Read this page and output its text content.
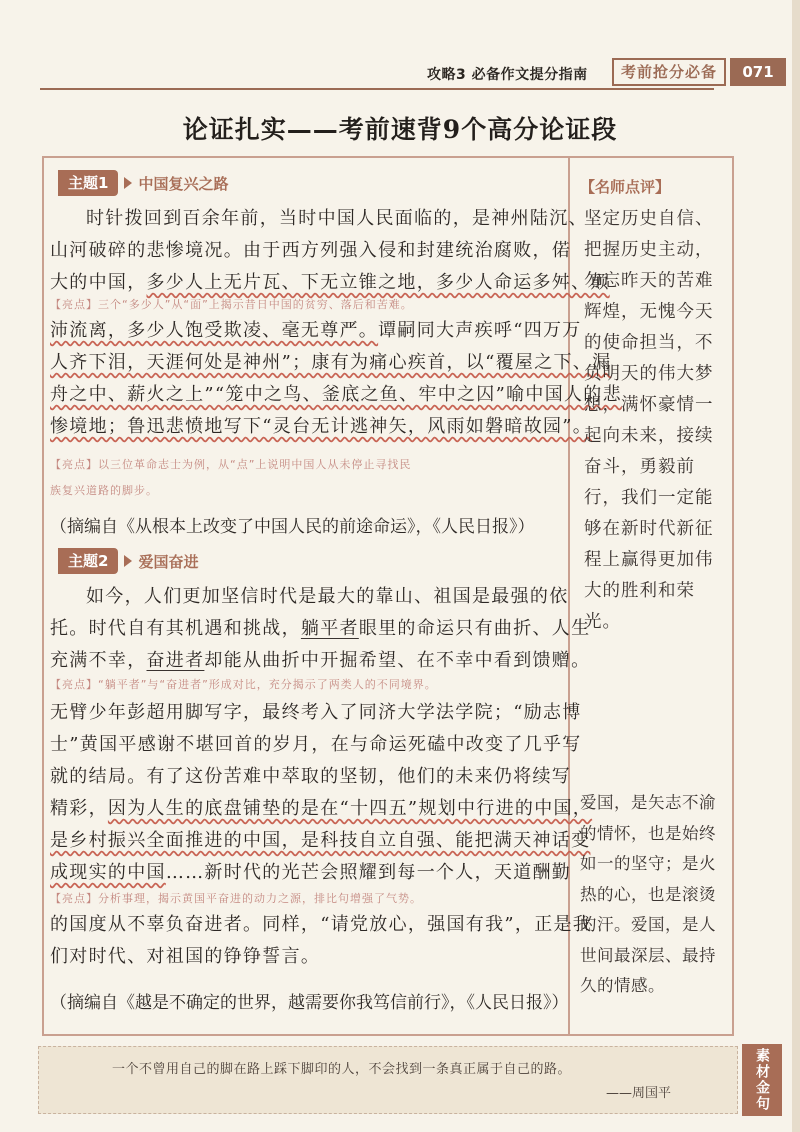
攻略3 必备作文提分指南	考前抢分必备	071
论证扎实——考前速背9个高分论证段
主题1	中国复兴之路
时针拨回到百余年前，当时中国人民面临的，是神州陆沉、
山河破碎的悲惨境况。由于西方列强入侵和封建统治腐败，偌
大的中国，多少人上无片瓦、下无立锥之地，多少人命运多舛、颠
【亮点】三个“多少人”从“面”上揭示昔日中国的贫穷、落后和苦难。
沛流离，多少人饱受欺凌、毫无尊严。谭嗣同大声疾呼“四万万
人齐下泪，天涯何处是神州”；康有为痛心疾首，以“覆屋之下、漏
舟之中、薪火之上”“笼中之鸟、釜底之鱼、牢中之囚”喻中国人的悲
惨境地；鲁迅悲愤地写下“灵台无计逃神矢，风雨如磐暗故园”。
【亮点】以三位革命志士为例，从“点”上说明中国人从未停止寻找民
族复兴道路的脚步。
（摘编自《从根本上改变了中国人民的前途命运》，《人民日报》）
主题2	爱国奋进
如今，人们更加坚信时代是最大的靠山、祖国是最强的依
托。时代自有其机遇和挑战，躺平者眼里的命运只有曲折、人生
充满不幸，奋进者却能从曲折中开掘希望、在不幸中看到馈赠。
【亮点】“躺平者”与“奋进者”形成对比，充分揭示了两类人的不同境界。
无臂少年彭超用脚写字，最终考入了同济大学法学院；“励志博
士”黄国平感谢不堪回首的岁月，在与命运死磕中改变了几乎写
就的结局。有了这份苦难中萃取的坚韧，他们的未来仍将续写
精彩，因为人生的底盘铺垫的是在“十四五”规划中行进的中国，
是乡村振兴全面推进的中国，是科技自立自强、能把满天神话变
成现实的中国……新时代的光芒会照耀到每一个人，天道酬勤
【亮点】分析事理，揭示黄国平奋进的动力之源，排比句增强了气势。
的国度从不辜负奋进者。同样，“请党放心，强国有我”，正是我
们对时代、对祖国的铮铮誓言。
（摘编自《越是不确定的世界，越需要你我笃信前行》，《人民日报》）
【名师点评】
坚定历史自信、把握历史主动，勿忘昨天的苦难辉煌，无愧今天的使命担当，不负明天的伟大梦想，满怀豪情一起向未来，接续奋斗，勇毅前行，我们一定能够在新时代新征程上赢得更加伟大的胜利和荣光。
爱国，是矢志不渝的情怀，也是始终如一的坚守；是火热的心，也是滚烫的汗。爱国，是人世间最深层、最持久的情感。
一个不曾用自己的脚在路上踩下脚印的人，不会找到一条真正属于自己的路。
——周国平	素材金句
